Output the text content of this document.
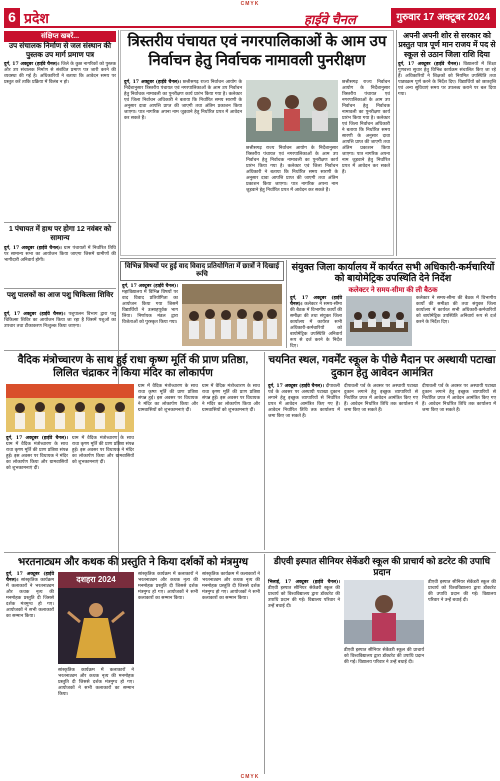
CMYK
6 प्रदेश	हाईवे चैनल	गुरुवार 17 अक्टूबर 2024
संक्षिप्त खबरें...
उप संचालक निर्माण से जल संस्थान की पुस्तक उप मार्ग प्रमाण पत्र

दुर्ग, 17 अक्टूबर (हाईवे चैनल)। जिले के कुछ नागरिकों को पुस्तक और उप संचालक निर्माण से संबंधित प्रमाण पत्र जारी करने की व्यवस्था की गई है। अधिकारियों ने बताया कि आवेदन समय पर प्रस्तुत करें ताकि प्रक्रिया में विलंब न हो।

1 पंचायत में हाथ पर होगा 12 नवंबर को सामान्य

दुर्ग, 17 अक्टूबर (हाईवे चैनल)। ग्राम पंचायतों में निर्धारित तिथि पर सामान्य सभा का आयोजन किया जाएगा जिसमें ग्रामीणों की भागीदारी अनिवार्य होगी।

पशु पालकों का आज पशु चिकित्सा शिविर

दुर्ग, 17 अक्टूबर (हाईवे चैनल)। पशुपालन विभाग द्वारा पशु चिकित्सा शिविर का आयोजन किया जा रहा है जिसमें पशुओं का उपचार तथा टीकाकरण निःशुल्क किया जाएगा।

त्रिस्तरीय पंचायत एवं नगरपालिकाओं के आम उप निर्वाचन हेतु निर्वाचक नामावली पुनरीक्षण

दुर्ग, 17 अक्टूबर (हाईवे चैनल)। छत्तीसगढ़ राज्य निर्वाचन आयोग के निर्देशानुसार त्रिस्तरीय पंचायत एवं नगरपालिकाओं के आम उप निर्वाचन हेतु निर्वाचक नामावली का पुनरीक्षण कार्य प्रारंभ किया गया है। कलेक्टर एवं जिला निर्वाचन अधिकारी ने बताया कि निर्धारित समय सारणी के अनुसार दावा आपत्ति प्राप्त की जाएगी तथा अंतिम प्रकाशन किया जाएगा। पात्र नागरिक अपना नाम जुड़वाने हेतु निर्धारित प्रपत्र में आवेदन कर सकते हैं।

छत्तीसगढ़ राज्य निर्वाचन आयोग के निर्देशानुसार त्रिस्तरीय पंचायत एवं नगरपालिकाओं के आम उप निर्वाचन हेतु निर्वाचक नामावली का पुनरीक्षण कार्य प्रारंभ किया गया है। कलेक्टर एवं जिला निर्वाचन अधिकारी ने बताया कि निर्धारित समय सारणी के अनुसार दावा आपत्ति प्राप्त की जाएगी तथा अंतिम प्रकाशन किया जाएगा। पात्र नागरिक अपना नाम जुड़वाने हेतु निर्धारित प्रपत्र में आवेदन कर सकते हैं।

छत्तीसगढ़ राज्य निर्वाचन आयोग के निर्देशानुसार त्रिस्तरीय पंचायत एवं नगरपालिकाओं के आम उप निर्वाचन हेतु निर्वाचक नामावली का पुनरीक्षण कार्य प्रारंभ किया गया है। कलेक्टर एवं जिला निर्वाचन अधिकारी ने बताया कि निर्धारित समय सारणी के अनुसार दावा आपत्ति प्राप्त की जाएगी तथा अंतिम प्रकाशन किया जाएगा। पात्र नागरिक अपना नाम जुड़वाने हेतु निर्धारित प्रपत्र में आवेदन कर सकते हैं।

अपनी अपनी शोर से सरकार को प्रस्तुत पात्र पूर्ण मान राजय में पद से स्कूल से उठान जिला राशि दिया

दुर्ग, 17 अक्टूबर (हाईवे चैनल)। विद्यालयों में शिक्षा गुणवत्ता सुधार हेतु विभिन्न कार्यक्रम संचालित किए जा रहे हैं। अधिकारियों ने शिक्षकों को नियमित उपस्थिति तथा पाठ्यक्रम पूर्ण करने के निर्देश दिए। विद्यार्थियों को छात्रवृत्ति एवं अन्य सुविधाएं समय पर उपलब्ध कराने पर बल दिया गया।

विभिन्न विषयों पर हुई वाद विवाद प्रतियोगिता में छात्रों ने दिखाई रूचि

दुर्ग, 17 अक्टूबर (हाईवे चैनल)। महाविद्यालय में विभिन्न विषयों पर वाद विवाद प्रतियोगिता का आयोजन किया गया जिसमें विद्यार्थियों ने उत्साहपूर्वक भाग लिया। निर्णायक मंडल द्वारा विजेताओं को पुरस्कृत किया गया।

संयुक्त जिला कार्यालय में कार्यरत सभी अधिकारी-कर्मचारियों को बायोमेट्रिक उपस्थिति देने निर्देश
कलेक्टर ने समय-सीमा की ली बैठक

दुर्ग, 17 अक्टूबर (हाईवे चैनल)। कलेक्टर ने समय-सीमा की बैठक में विभागीय कार्यों की समीक्षा की तथा संयुक्त जिला कार्यालय में कार्यरत सभी अधिकारी-कर्मचारियों को बायोमेट्रिक उपस्थिति अनिवार्य रूप से दर्ज करने के निर्देश दिए।

कलेक्टर ने समय-सीमा की बैठक में विभागीय कार्यों की समीक्षा की तथा संयुक्त जिला कार्यालय में कार्यरत सभी अधिकारी-कर्मचारियों को बायोमेट्रिक उपस्थिति अनिवार्य रूप से दर्ज करने के निर्देश दिए।

वैदिक मंत्रोच्चारण के साथ हुई राधा कृष्ण मूर्ति की प्राण प्रतिष्ठा, लिलित चंद्राकर ने किया मंदिर का लोकार्पण

दुर्ग, 17 अक्टूबर (हाईवे चैनल)। ग्राम में वैदिक मंत्रोच्चारण के साथ राधा कृष्ण मूर्ति की प्राण प्रतिष्ठा संपन्न हुई। इस अवसर पर विधायक ने मंदिर का लोकार्पण किया और ग्रामवासियों को शुभकामनाएं दीं।

ग्राम में वैदिक मंत्रोच्चारण के साथ राधा कृष्ण मूर्ति की प्राण प्रतिष्ठा संपन्न हुई। इस अवसर पर विधायक ने मंदिर का लोकार्पण किया और ग्रामवासियों को शुभकामनाएं दीं।

ग्राम में वैदिक मंत्रोच्चारण के साथ राधा कृष्ण मूर्ति की प्राण प्रतिष्ठा संपन्न हुई। इस अवसर पर विधायक ने मंदिर का लोकार्पण किया और ग्रामवासियों को शुभकामनाएं दीं।

ग्राम में वैदिक मंत्रोच्चारण के साथ राधा कृष्ण मूर्ति की प्राण प्रतिष्ठा संपन्न हुई। इस अवसर पर विधायक ने मंदिर का लोकार्पण किया और ग्रामवासियों को शुभकामनाएं दीं।

चयनित स्थल, गवर्मेंट स्कूल के पीछे मैदान पर अस्थायी पटाखा दुकान हेतु आवेदन आमंत्रित

दुर्ग, 17 अक्टूबर (हाईवे चैनल)। दीपावली पर्व के अवसर पर अस्थायी पटाखा दुकान लगाने हेतु इच्छुक व्यापारियों से निर्धारित प्रपत्र में आवेदन आमंत्रित किए गए हैं। आवेदन निर्धारित तिथि तक कार्यालय में जमा किए जा सकते हैं।

दीपावली पर्व के अवसर पर अस्थायी पटाखा दुकान लगाने हेतु इच्छुक व्यापारियों से निर्धारित प्रपत्र में आवेदन आमंत्रित किए गए हैं। आवेदन निर्धारित तिथि तक कार्यालय में जमा किए जा सकते हैं।

दीपावली पर्व के अवसर पर अस्थायी पटाखा दुकान लगाने हेतु इच्छुक व्यापारियों से निर्धारित प्रपत्र में आवेदन आमंत्रित किए गए हैं। आवेदन निर्धारित तिथि तक कार्यालय में जमा किए जा सकते हैं।

भरतनाट्यम और कथक की प्रस्तुति ने किया दर्शकों को मंत्रमुग्ध

दुर्ग, 17 अक्टूबर (हाईवे चैनल)। सांस्कृतिक कार्यक्रम में कलाकारों ने भरतनाट्यम और कथक नृत्य की मनमोहक प्रस्तुति दी जिससे दर्शक मंत्रमुग्ध हो गए। आयोजकों ने सभी कलाकारों का सम्मान किया।

दशहरा 2024

सांस्कृतिक कार्यक्रम में कलाकारों ने भरतनाट्यम और कथक नृत्य की मनमोहक प्रस्तुति दी जिससे दर्शक मंत्रमुग्ध हो गए। आयोजकों ने सभी कलाकारों का सम्मान किया।

सांस्कृतिक कार्यक्रम में कलाकारों ने भरतनाट्यम और कथक नृत्य की मनमोहक प्रस्तुति दी जिससे दर्शक मंत्रमुग्ध हो गए। आयोजकों ने सभी कलाकारों का सम्मान किया।

सांस्कृतिक कार्यक्रम में कलाकारों ने भरतनाट्यम और कथक नृत्य की मनमोहक प्रस्तुति दी जिससे दर्शक मंत्रमुग्ध हो गए। आयोजकों ने सभी कलाकारों का सम्मान किया।

डीएवी इस्पात सीनियर सेकेंडरी स्कूल की प्राचार्य को डटरेट की उपाधि प्रदान

भिलाई, 17 अक्टूबर (हाईवे चैनल)। डीएवी इस्पात सीनियर सेकेंडरी स्कूल की प्राचार्य को विश्वविद्यालय द्वारा डॉक्टरेट की उपाधि प्रदान की गई। विद्यालय परिवार ने उन्हें बधाई दी।

डीएवी इस्पात सीनियर सेकेंडरी स्कूल की प्राचार्य को विश्वविद्यालय द्वारा डॉक्टरेट की उपाधि प्रदान की गई। विद्यालय परिवार ने उन्हें बधाई दी।

डीएवी इस्पात सीनियर सेकेंडरी स्कूल की प्राचार्य को विश्वविद्यालय द्वारा डॉक्टरेट की उपाधि प्रदान की गई। विद्यालय परिवार ने उन्हें बधाई दी।

CMYK
